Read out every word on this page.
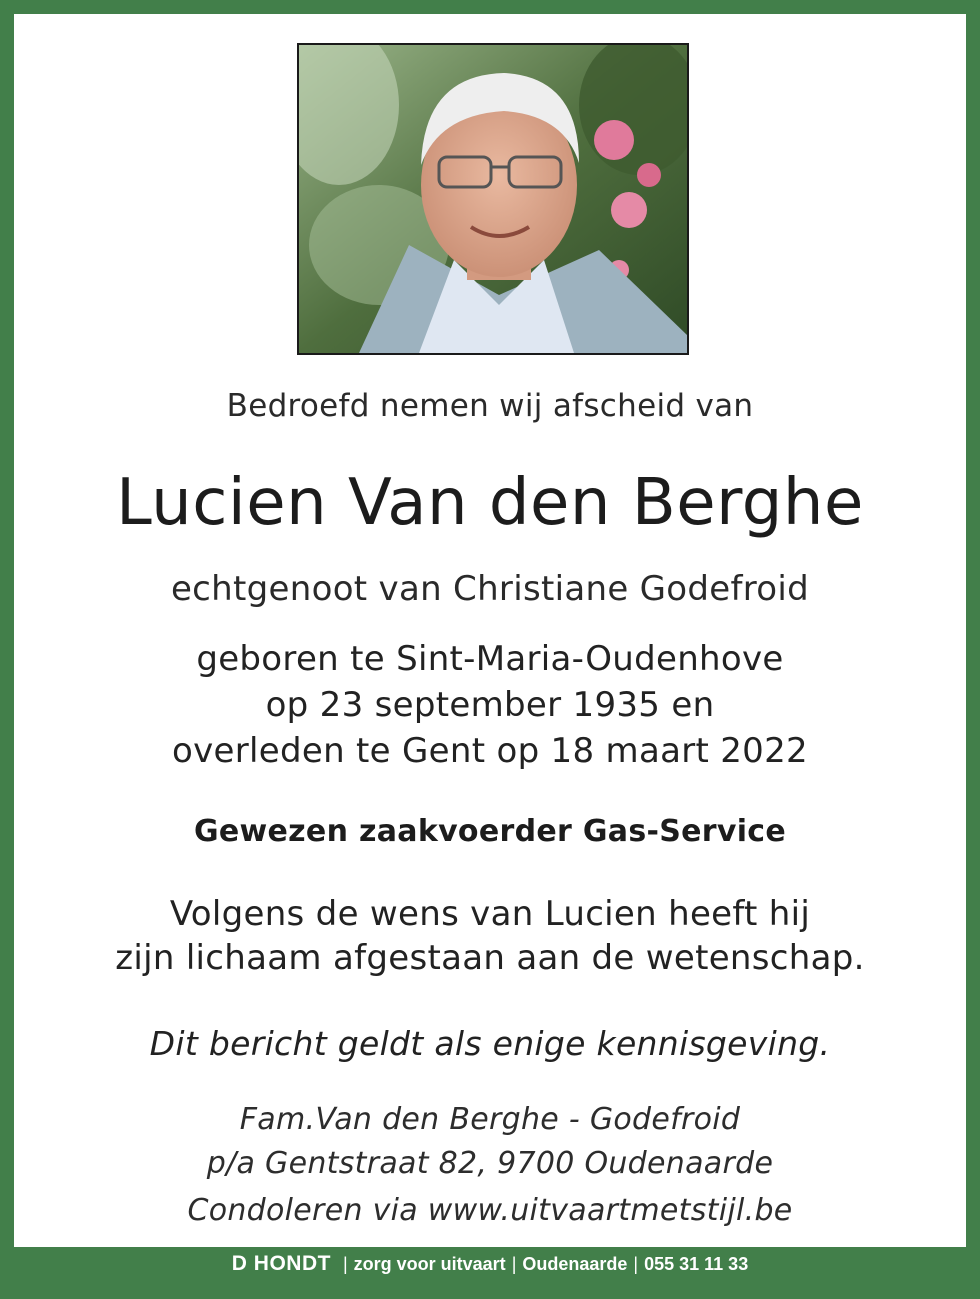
Bedroefd nemen wij afscheid van
Lucien Van den Berghe
echtgenoot van Christiane Godefroid
geboren te Sint-Maria-Oudenhove
op 23 september 1935 en
overleden te Gent op 18 maart 2022
Gewezen zaakvoerder Gas-Service
Volgens de wens van Lucien heeft hij
zijn lichaam afgestaan aan de wetenschap.
Dit bericht geldt als enige kennisgeving.
Fam.Van den Berghe - Godefroid
p/a Gentstraat 82, 9700 Oudenaarde
Condoleren via www.uitvaartmetstijl.be
D HONDT | zorg voor uitvaart | Oudenaarde | 055 31 11 33
